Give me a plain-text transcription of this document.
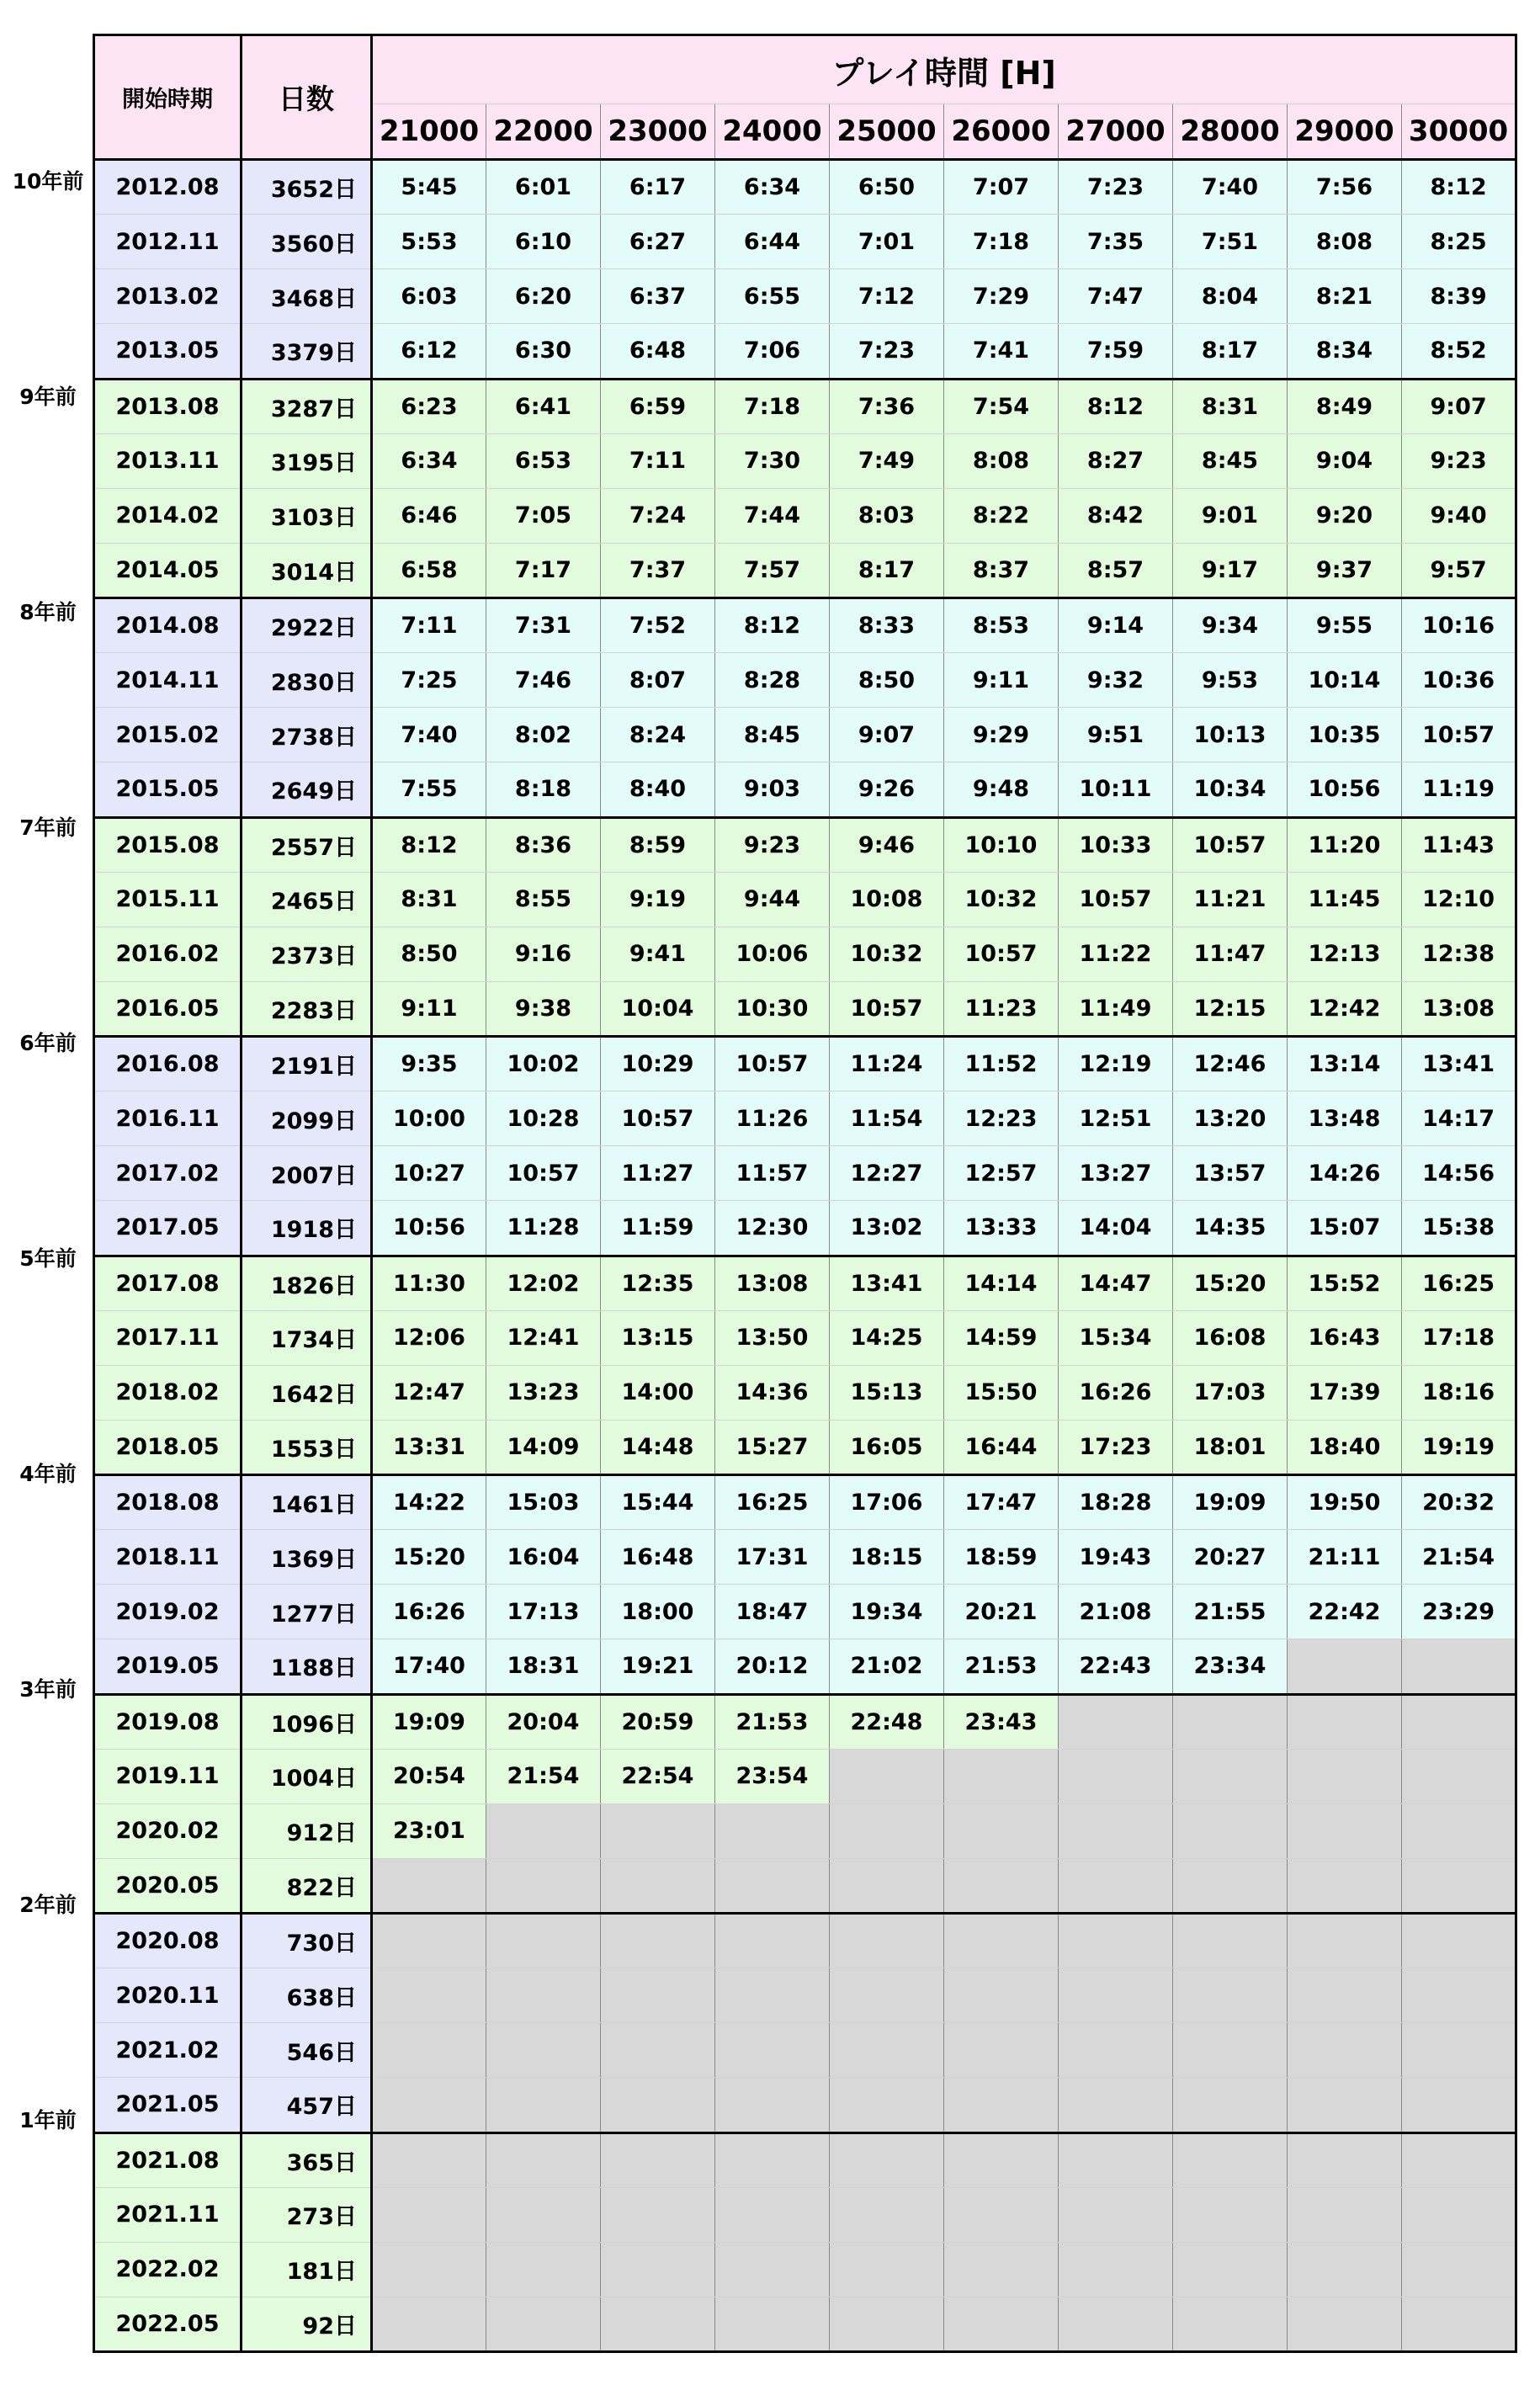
10年前
9年前
8年前
7年前
6年前
5年前
4年前
3年前
2年前
1年前
開始時期	日数	プレイ時間 [H]									
		21000	22000	23000	24000	25000	26000	27000	28000	29000	30000
2012.08	3652日	5:45	6:01	6:17	6:34	6:50	7:07	7:23	7:40	7:56	8:12
2012.11	3560日	5:53	6:10	6:27	6:44	7:01	7:18	7:35	7:51	8:08	8:25
2013.02	3468日	6:03	6:20	6:37	6:55	7:12	7:29	7:47	8:04	8:21	8:39
2013.05	3379日	6:12	6:30	6:48	7:06	7:23	7:41	7:59	8:17	8:34	8:52
2013.08	3287日	6:23	6:41	6:59	7:18	7:36	7:54	8:12	8:31	8:49	9:07
2013.11	3195日	6:34	6:53	7:11	7:30	7:49	8:08	8:27	8:45	9:04	9:23
2014.02	3103日	6:46	7:05	7:24	7:44	8:03	8:22	8:42	9:01	9:20	9:40
2014.05	3014日	6:58	7:17	7:37	7:57	8:17	8:37	8:57	9:17	9:37	9:57
2014.08	2922日	7:11	7:31	7:52	8:12	8:33	8:53	9:14	9:34	9:55	10:16
2014.11	2830日	7:25	7:46	8:07	8:28	8:50	9:11	9:32	9:53	10:14	10:36
2015.02	2738日	7:40	8:02	8:24	8:45	9:07	9:29	9:51	10:13	10:35	10:57
2015.05	2649日	7:55	8:18	8:40	9:03	9:26	9:48	10:11	10:34	10:56	11:19
2015.08	2557日	8:12	8:36	8:59	9:23	9:46	10:10	10:33	10:57	11:20	11:43
2015.11	2465日	8:31	8:55	9:19	9:44	10:08	10:32	10:57	11:21	11:45	12:10
2016.02	2373日	8:50	9:16	9:41	10:06	10:32	10:57	11:22	11:47	12:13	12:38
2016.05	2283日	9:11	9:38	10:04	10:30	10:57	11:23	11:49	12:15	12:42	13:08
2016.08	2191日	9:35	10:02	10:29	10:57	11:24	11:52	12:19	12:46	13:14	13:41
2016.11	2099日	10:00	10:28	10:57	11:26	11:54	12:23	12:51	13:20	13:48	14:17
2017.02	2007日	10:27	10:57	11:27	11:57	12:27	12:57	13:27	13:57	14:26	14:56
2017.05	1918日	10:56	11:28	11:59	12:30	13:02	13:33	14:04	14:35	15:07	15:38
2017.08	1826日	11:30	12:02	12:35	13:08	13:41	14:14	14:47	15:20	15:52	16:25
2017.11	1734日	12:06	12:41	13:15	13:50	14:25	14:59	15:34	16:08	16:43	17:18
2018.02	1642日	12:47	13:23	14:00	14:36	15:13	15:50	16:26	17:03	17:39	18:16
2018.05	1553日	13:31	14:09	14:48	15:27	16:05	16:44	17:23	18:01	18:40	19:19
2018.08	1461日	14:22	15:03	15:44	16:25	17:06	17:47	18:28	19:09	19:50	20:32
2018.11	1369日	15:20	16:04	16:48	17:31	18:15	18:59	19:43	20:27	21:11	21:54
2019.02	1277日	16:26	17:13	18:00	18:47	19:34	20:21	21:08	21:55	22:42	23:29
2019.05	1188日	17:40	18:31	19:21	20:12	21:02	21:53	22:43	23:34		
2019.08	1096日	19:09	20:04	20:59	21:53	22:48	23:43				
2019.11	1004日	20:54	21:54	22:54	23:54						
2020.02	912日	23:01									
2020.05	822日										
2020.08	730日										
2020.11	638日										
2021.02	546日										
2021.05	457日										
2021.08	365日										
2021.11	273日										
2022.02	181日										
2022.05	92日										
